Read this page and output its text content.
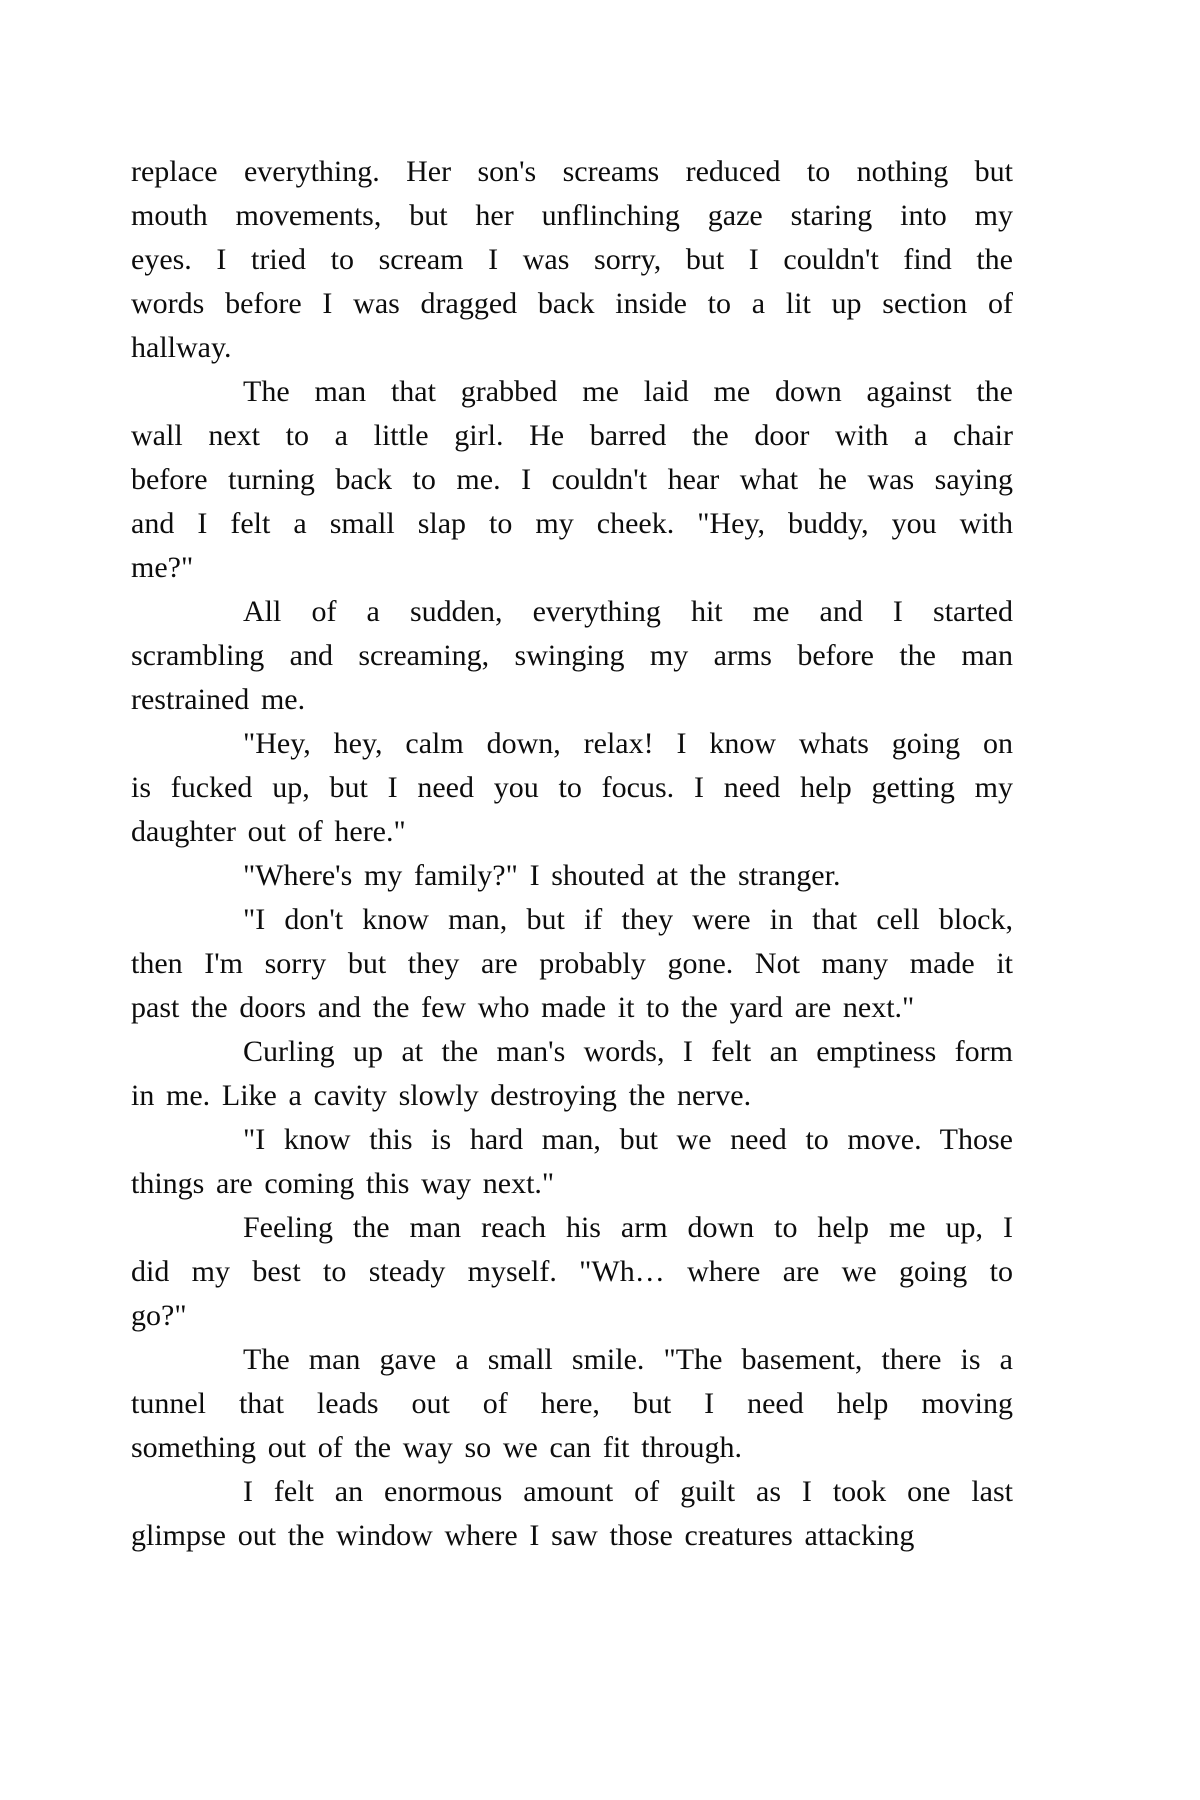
replace everything. Her son's screams reduced to nothing but
mouth movements, but her unflinching gaze staring into my
eyes. I tried to scream I was sorry, but I couldn't find the
words before I was dragged back inside to a lit up section of
hallway.
The man that grabbed me laid me down against the
wall next to a little girl. He barred the door with a chair
before turning back to me. I couldn't hear what he was saying
and I felt a small slap to my cheek. "Hey, buddy, you with
me?"
All of a sudden, everything hit me and I started
scrambling and screaming, swinging my arms before the man
restrained me.
"Hey, hey, calm down, relax! I know whats going on
is fucked up, but I need you to focus. I need help getting my
daughter out of here."
"Where's my family?" I shouted at the stranger.
"I don't know man, but if they were in that cell block,
then I'm sorry but they are probably gone. Not many made it
past the doors and the few who made it to the yard are next."
Curling up at the man's words, I felt an emptiness form
in me. Like a cavity slowly destroying the nerve.
"I know this is hard man, but we need to move. Those
things are coming this way next."
Feeling the man reach his arm down to help me up, I
did my best to steady myself. "Wh… where are we going to
go?"
The man gave a small smile. "The basement, there is a
tunnel that leads out of here, but I need help moving
something out of the way so we can fit through.
I felt an enormous amount of guilt as I took one last
glimpse out the window where I saw those creatures attacking
